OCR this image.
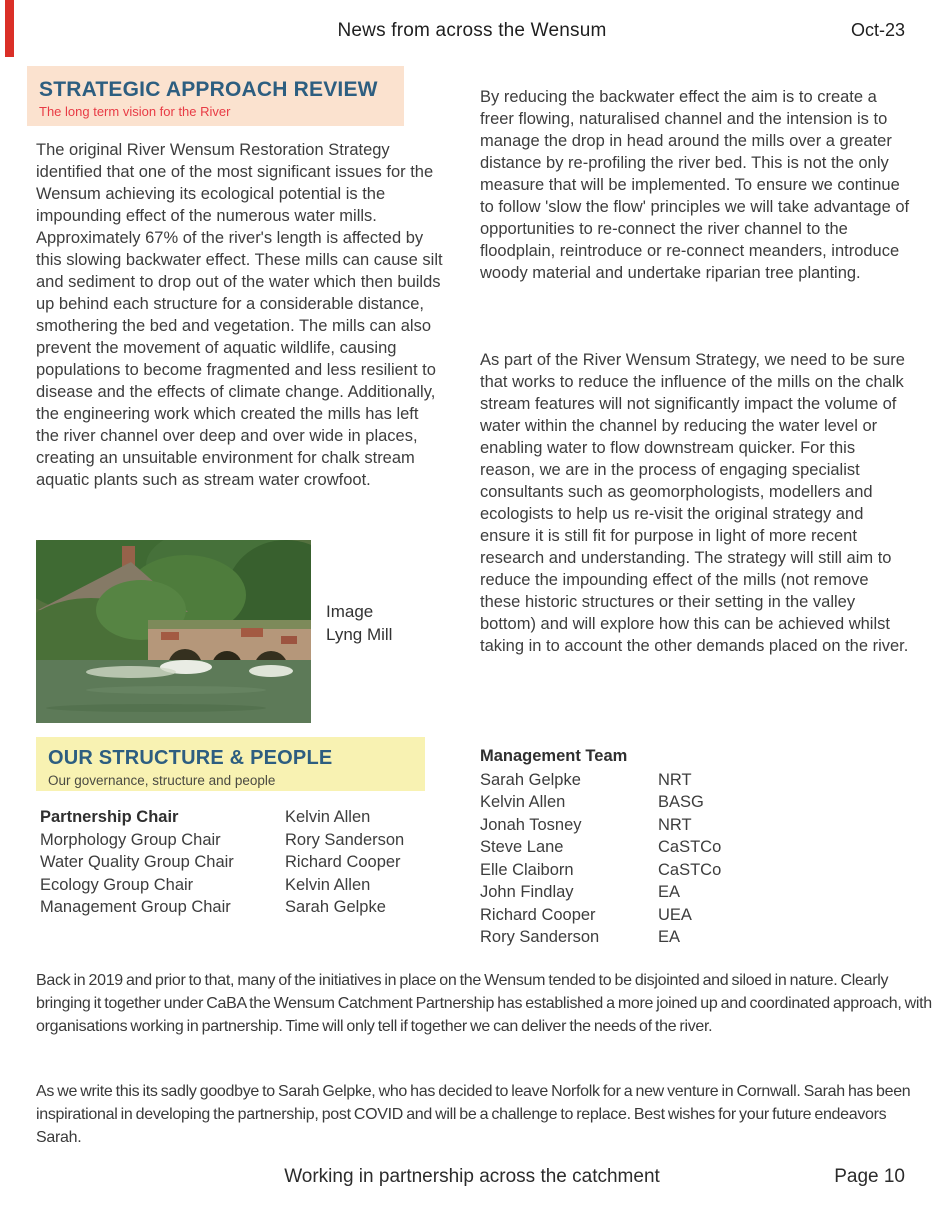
News from across the Wensum	Oct-23
STRATEGIC APPROACH REVIEW
The long term vision for the River
The original River Wensum Restoration Strategy identified that one of the most significant issues for the Wensum achieving its ecological potential is the impounding effect of the numerous water mills. Approximately 67% of the river's length is affected by this slowing backwater effect. These mills can cause silt and sediment to drop out of the water which then builds up behind each structure for a considerable distance, smothering the bed and vegetation. The mills can also prevent the movement of aquatic wildlife, causing populations to become fragmented and less resilient to disease and the effects of climate change. Additionally, the engineering work which created the mills has left the river channel over deep and over wide in places, creating an unsuitable environment for chalk stream aquatic plants such as stream water crowfoot.
Image
Lyng Mill
OUR STRUCTURE & PEOPLE
Our governance, structure and people
Partnership Chair	Kelvin Allen
Morphology Group Chair	Rory Sanderson
Water Quality Group Chair	Richard Cooper
Ecology Group Chair	Kelvin Allen
Management Group Chair	Sarah Gelpke
By reducing the backwater effect the aim is to create a freer flowing, naturalised channel and the intension is to manage the drop in head around the mills over a greater distance by re-profiling the river bed. This is not the only measure that will be implemented. To ensure we continue to follow 'slow the flow' principles we will take advantage of opportunities to re-connect the river channel to the floodplain, reintroduce or re-connect meanders, introduce woody material and undertake riparian tree planting.
As part of the River Wensum Strategy, we need to be sure that works to reduce the influence of the mills on the chalk stream features will not significantly impact the volume of water within the channel by reducing the water level or enabling water to flow downstream quicker. For this reason, we are in the process of engaging specialist consultants such as geomorphologists, modellers and ecologists to help us re-visit the original strategy and ensure it is still fit for purpose in light of more recent research and understanding. The strategy will still aim to reduce the impounding effect of the mills (not remove these historic structures or their setting in the valley bottom) and will explore how this can be achieved whilst taking in to account the other demands placed on the river.
Management Team
Sarah Gelpke	NRT
Kelvin Allen	BASG
Jonah Tosney	NRT
Steve Lane	CaSTCo
Elle Claiborn	CaSTCo
John Findlay	EA
Richard Cooper	UEA
Rory Sanderson	EA
Back in 2019 and prior to that, many of the initiatives in place on the Wensum tended to be disjointed and siloed in nature. Clearly bringing it together under CaBA the Wensum Catchment Partnership has established a more joined up and coordinated approach, with organisations working in partnership. Time will only tell if together we can deliver the needs of the river.
As we write this its sadly goodbye to Sarah Gelpke, who has decided to leave Norfolk for a new venture in Cornwall. Sarah has been inspirational in developing the partnership, post COVID and will be a challenge to replace. Best wishes for your future endeavors Sarah.
Working in partnership across the catchment	Page 10
